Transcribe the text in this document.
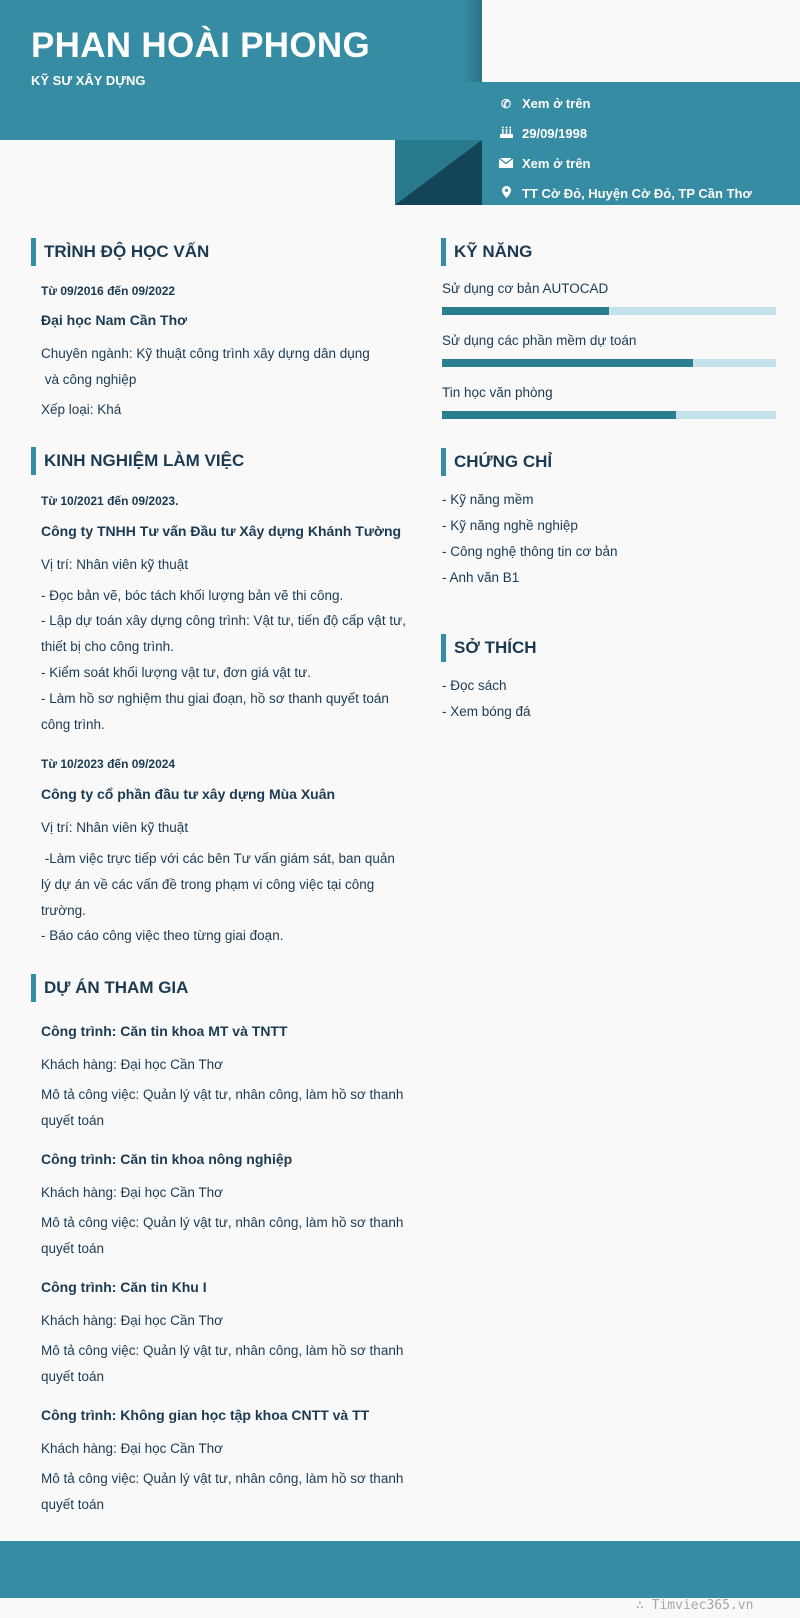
PHAN HOÀI PHONG
KỸ SƯ XÂY DỰNG
✆ Xem ở trên
29/09/1998
Xem ở trên
TT Cờ Đỏ, Huyện Cờ Đỏ, TP Cần Thơ
TRÌNH ĐỘ HỌC VẤN
Từ 09/2016 đến 09/2022
Đại học Nam Cần Thơ
Chuyên ngành: Kỹ thuật công trình xây dựng dân dụng
và công nghiệp
Xếp loại: Khá
KINH NGHIỆM LÀM VIỆC
Từ 10/2021 đến 09/2023.
Công ty TNHH Tư vấn Đầu tư Xây dựng Khánh Tường
Vị trí: Nhân viên kỹ thuật
- Đọc bản vẽ, bóc tách khối lượng bản vẽ thi công.
- Lập dự toán xây dựng công trình: Vật tư, tiến độ cấp vật tư,
thiết bị cho công trình.
- Kiểm soát khối lượng vật tư, đơn giá vật tư.
- Làm hồ sơ nghiệm thu giai đoạn, hồ sơ thanh quyết toán
công trình.
Từ 10/2023 đến 09/2024
Công ty cổ phần đầu tư xây dựng Mùa Xuân
Vị trí: Nhân viên kỹ thuật
-Làm việc trực tiếp với các bên Tư vấn giám sát, ban quản
lý dự án về các vấn đề trong phạm vi công việc tại công
trường.
- Báo cáo công việc theo từng giai đoạn.
DỰ ÁN THAM GIA
Công trình: Căn tin khoa MT và TNTT
Khách hàng: Đại học Cần Thơ
Mô tả công việc: Quản lý vật tư, nhân công, làm hồ sơ thanh
quyết toán
Công trình: Căn tin khoa nông nghiệp
Khách hàng: Đại học Cần Thơ
Mô tả công việc: Quản lý vật tư, nhân công, làm hồ sơ thanh
quyết toán
Công trình: Căn tin Khu I
Khách hàng: Đại học Cần Thơ
Mô tả công việc: Quản lý vật tư, nhân công, làm hồ sơ thanh
quyết toán
Công trình: Không gian học tập khoa CNTT và TT
Khách hàng: Đại học Cần Thơ
Mô tả công việc: Quản lý vật tư, nhân công, làm hồ sơ thanh
quyết toán
KỸ NĂNG
Sử dụng cơ bản AUTOCAD
Sử dụng các phần mềm dự toán
Tin học văn phòng
CHỨNG CHỈ
- Kỹ năng mềm
- Kỹ năng nghề nghiệp
- Công nghệ thông tin cơ bản
- Anh văn B1
SỞ THÍCH
- Đọc sách
- Xem bóng đá
∴ Timviec365.vn
